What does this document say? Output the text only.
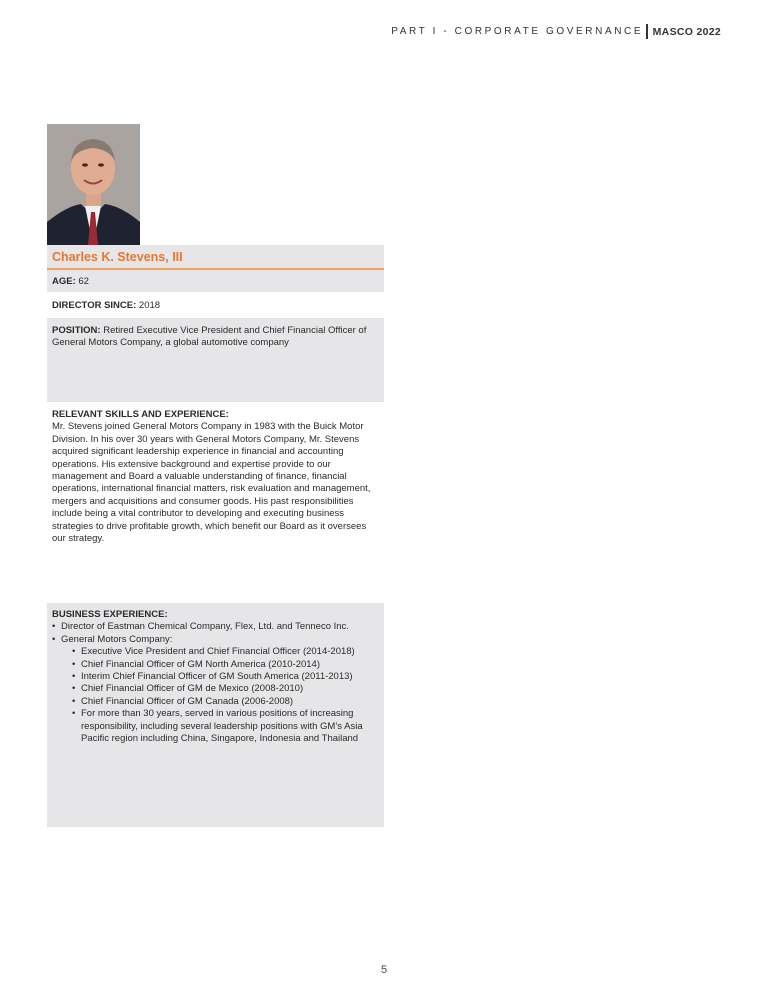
PART I - CORPORATE GOVERNANCE MASCO 2022
Charles K. Stevens, III
AGE: 62
DIRECTOR SINCE: 2018
POSITION: Retired Executive Vice President and Chief Financial Officer of General Motors Company, a global automotive company
RELEVANT SKILLS AND EXPERIENCE:
Mr. Stevens joined General Motors Company in 1983 with the Buick Motor Division. In his over 30 years with General Motors Company, Mr. Stevens acquired significant leadership experience in financial and accounting operations. His extensive background and expertise provide to our management and Board a valuable understanding of finance, financial operations, international financial matters, risk evaluation and management, mergers and acquisitions and consumer goods. His past responsibilities include being a vital contributor to developing and executing business strategies to drive profitable growth, which benefit our Board as it oversees our strategy.
BUSINESS EXPERIENCE:
• Director of Eastman Chemical Company, Flex, Ltd. and Tenneco Inc.
• General Motors Company:
• Executive Vice President and Chief Financial Officer (2014-2018)
• Chief Financial Officer of GM North America (2010-2014)
• Interim Chief Financial Officer of GM South America (2011-2013)
• Chief Financial Officer of GM de Mexico (2008-2010)
• Chief Financial Officer of GM Canada (2006-2008)
• For more than 30 years, served in various positions of increasing responsibility, including several leadership positions with GM’s Asia Pacific region including China, Singapore, Indonesia and Thailand
5
